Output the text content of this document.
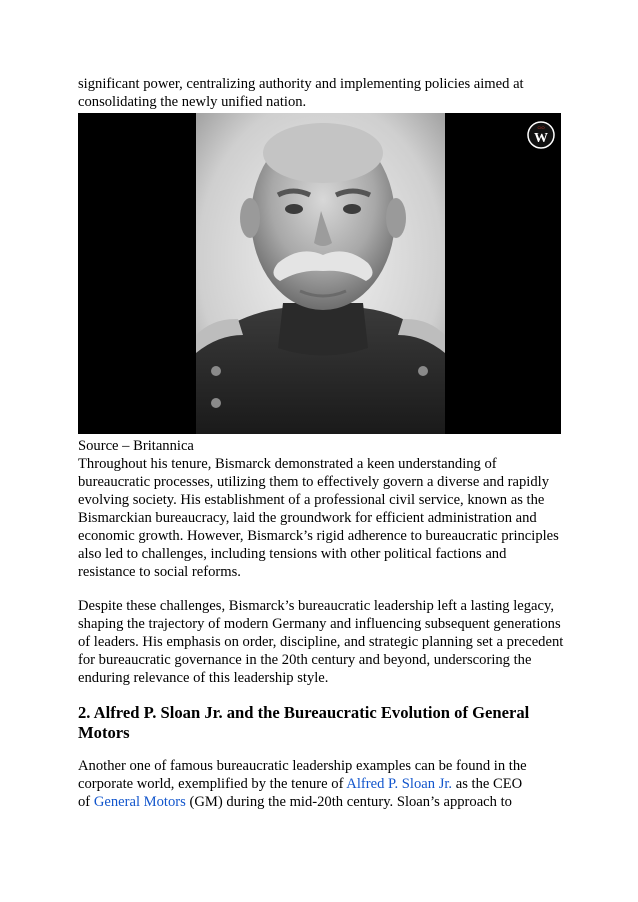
significant power, centralizing authority and implementing policies aimed at

consolidating the newly unified nation.

CIO
W

Source – Britannica

Throughout his tenure, Bismarck demonstrated a keen understanding of

bureaucratic processes, utilizing them to effectively govern a diverse and rapidly

evolving society. His establishment of a professional civil service, known as the

Bismarckian bureaucracy, laid the groundwork for efficient administration and

economic growth. However, Bismarck’s rigid adherence to bureaucratic principles

also led to challenges, including tensions with other political factions and

resistance to social reforms.

Despite these challenges, Bismarck’s bureaucratic leadership left a lasting legacy,

shaping the trajectory of modern Germany and influencing subsequent generations

of leaders. His emphasis on order, discipline, and strategic planning set a precedent

for bureaucratic governance in the 20th century and beyond, underscoring the

enduring relevance of this leadership style.

2. Alfred P. Sloan Jr. and the Bureaucratic Evolution of General
Motors

Another one of famous bureaucratic leadership examples can be found in the

corporate world, exemplified by the tenure of Alfred P. Sloan Jr. as the CEO

of General Motors (GM) during the mid-20th century. Sloan’s approach to
